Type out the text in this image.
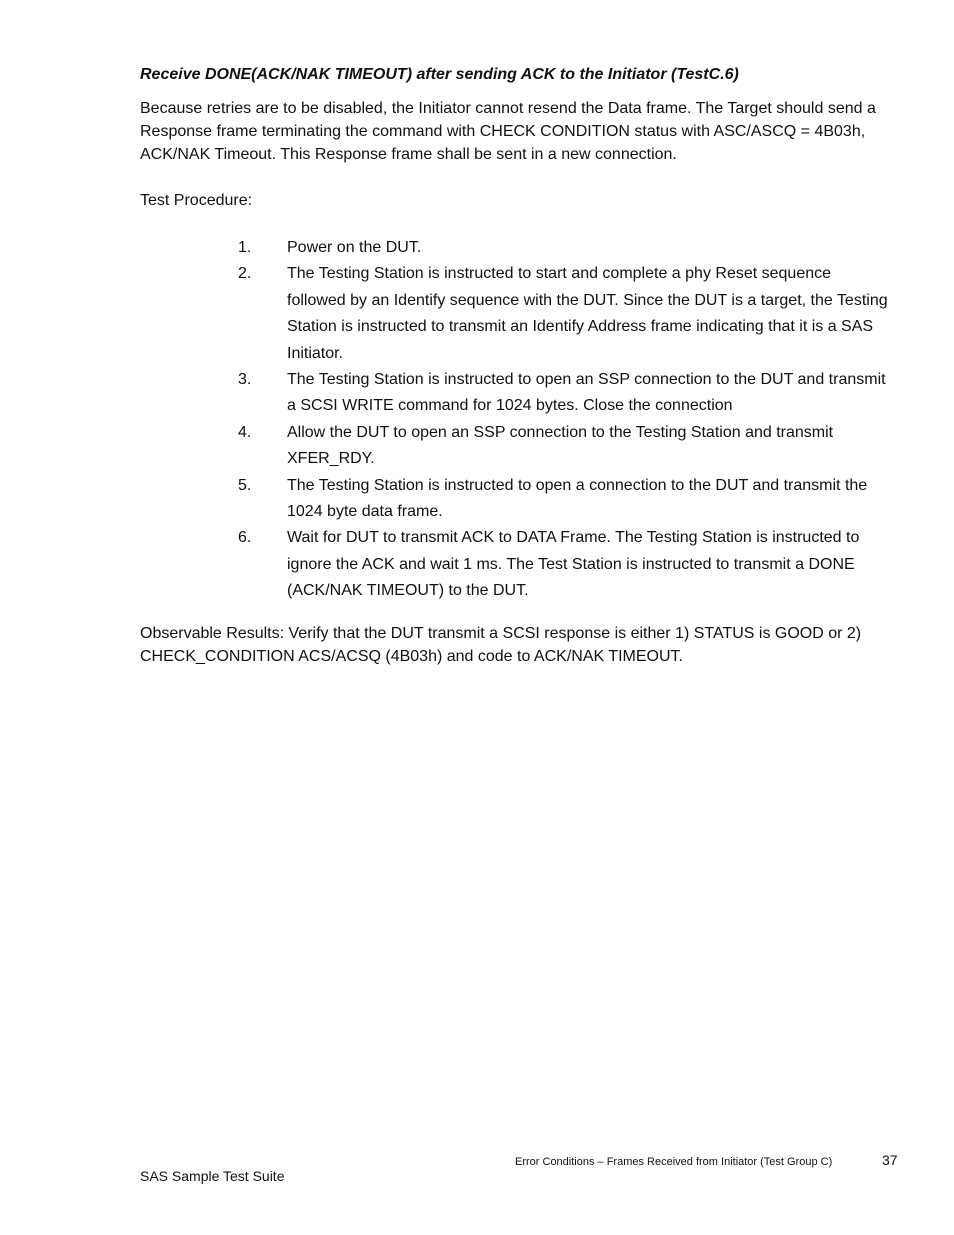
Receive DONE(ACK/NAK TIMEOUT) after sending ACK to the Initiator (TestC.6)

Because retries are to be disabled, the Initiator cannot resend the Data frame. The Target should send a Response frame terminating the command with CHECK CONDITION status with ASC/ASCQ = 4B03h, ACK/NAK Timeout. This Response frame shall be sent in a new connection.

Test Procedure:

1. Power on the DUT.
2. The Testing Station is instructed to start and complete a phy Reset sequence followed by an Identify sequence with the DUT. Since the DUT is a target, the Testing Station is instructed to transmit an Identify Address frame indicating that it is a SAS Initiator.
3. The Testing Station is instructed to open an SSP connection to the DUT and transmit a SCSI WRITE command for 1024 bytes. Close the connection
4. Allow the DUT to open an SSP connection to the Testing Station and transmit XFER_RDY.
5. The Testing Station is instructed to open a connection to the DUT and transmit the 1024 byte data frame.
6. Wait for DUT to transmit ACK to DATA Frame. The Testing Station is instructed to ignore the ACK and wait 1 ms. The Test Station is instructed to transmit a DONE (ACK/NAK TIMEOUT) to the DUT.

Observable Results: Verify that the DUT transmit a SCSI response is either 1) STATUS is GOOD or 2) CHECK_CONDITION ACS/ACSQ (4B03h) and code to ACK/NAK TIMEOUT.

Error Conditions – Frames Received from Initiator (Test Group C)	37
SAS Sample Test Suite
